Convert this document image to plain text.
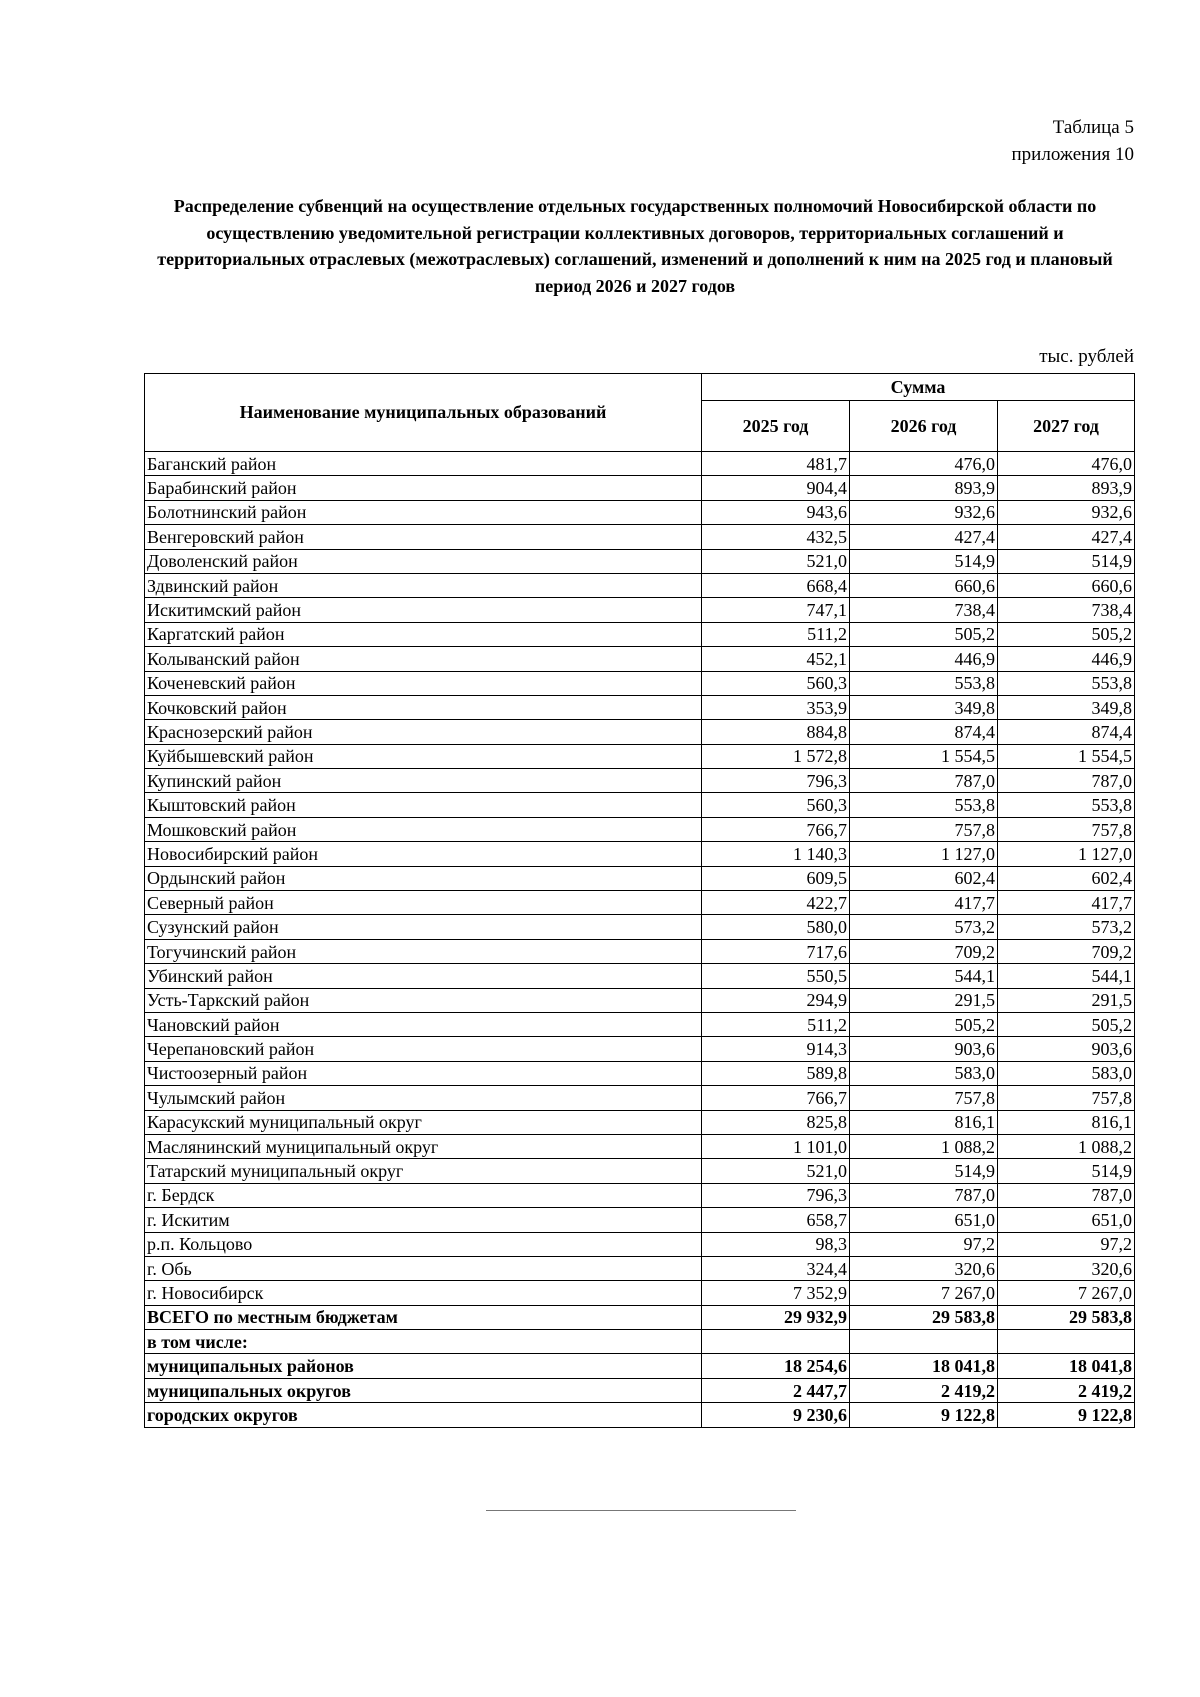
Таблица 5
приложения 10
Распределение субвенций на осуществление отдельных государственных полномочий Новосибирской области по осуществлению уведомительной регистрации коллективных договоров, территориальных соглашений и территориальных отраслевых (межотраслевых) соглашений, изменений и дополнений к ним на 2025 год и плановый период 2026 и 2027 годов
тыс. рублей
Наименование муниципальных образований	Сумма		
	2025 год	2026 год	2027 год
Баганский район	481,7	476,0	476,0
Барабинский район	904,4	893,9	893,9
Болотнинский район	943,6	932,6	932,6
Венгеровский район	432,5	427,4	427,4
Доволенский район	521,0	514,9	514,9
Здвинский район	668,4	660,6	660,6
Искитимский район	747,1	738,4	738,4
Каргатский район	511,2	505,2	505,2
Колыванский район	452,1	446,9	446,9
Коченевский район	560,3	553,8	553,8
Кочковский район	353,9	349,8	349,8
Краснозерский район	884,8	874,4	874,4
Куйбышевский район	1 572,8	1 554,5	1 554,5
Купинский район	796,3	787,0	787,0
Кыштовский район	560,3	553,8	553,8
Мошковский район	766,7	757,8	757,8
Новосибирский район	1 140,3	1 127,0	1 127,0
Ордынский район	609,5	602,4	602,4
Северный район	422,7	417,7	417,7
Сузунский район	580,0	573,2	573,2
Тогучинский район	717,6	709,2	709,2
Убинский район	550,5	544,1	544,1
Усть-Таркский район	294,9	291,5	291,5
Чановский район	511,2	505,2	505,2
Черепановский район	914,3	903,6	903,6
Чистоозерный район	589,8	583,0	583,0
Чулымский район	766,7	757,8	757,8
Карасукский муниципальный округ	825,8	816,1	816,1
Маслянинский муниципальный округ	1 101,0	1 088,2	1 088,2
Татарский муниципальный округ	521,0	514,9	514,9
г. Бердск	796,3	787,0	787,0
г. Искитим	658,7	651,0	651,0
р.п. Кольцово	98,3	97,2	97,2
г. Обь	324,4	320,6	320,6
г. Новосибирск	7 352,9	7 267,0	7 267,0
ВСЕГО по местным бюджетам	29 932,9	29 583,8	29 583,8
в том числе:			
муниципальных районов	18 254,6	18 041,8	18 041,8
муниципальных округов	2 447,7	2 419,2	2 419,2
городских округов	9 230,6	9 122,8	9 122,8
